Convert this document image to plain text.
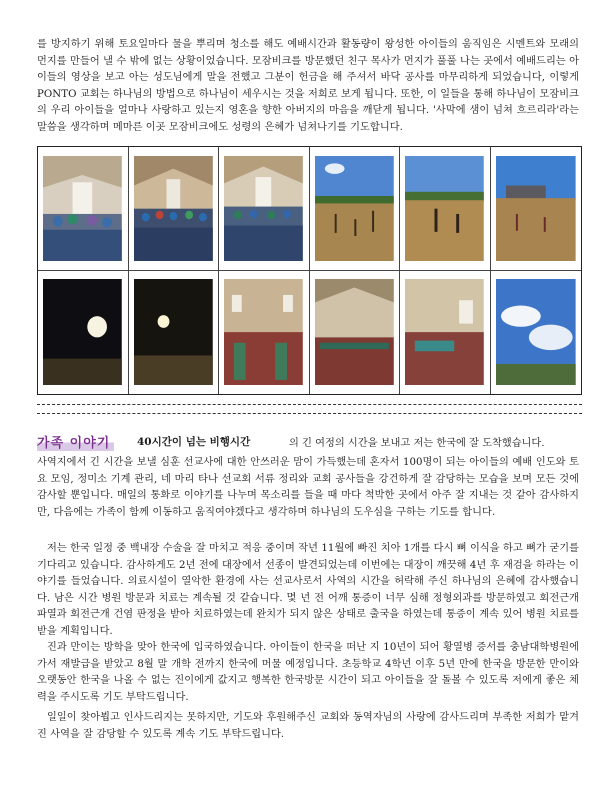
를 방지하기 위해 토요일마다 물을 뿌리며 청소를 해도 예배시간과 활동량이 왕성한 아이들의 움직임은 시멘트와 모래의 먼지를 만들어 낼 수 밖에 없는 상황이었습니다. 모잠비크를 방문했던 친구 목사가 먼지가 풀풀 나는 곳에서 예배드리는 아이들의 영상을 보고 아는 성도님에게 말을 전했고 그분이 헌금을 해 주셔서 바닥 공사를 마무리하게 되었습니다, 이렇게 PONTO 교회는 하나님의 방법으로 하나님이 세우시는 것을 저희로 보게 됩니다. 또한, 이 일들을 통해 하나님이 모잠비크의 우리 아이들을 얼마나 사랑하고 있는지 영혼을 향한 아버지의 마음을 깨닫게 됩니다. '사막에 샘이 넘쳐 흐르리라'라는 말씀을 생각하며 메마른 이곳 모잠비크에도 성령의 은혜가 넘쳐나기를 기도합니다.

가족 이야기	40시간이 넘는 비행시간	의 긴 여정의 시간을 보내고 저는 한국에 잘 도착했습니다.

사역지에서 긴 시간을 보낼 심훈 선교사에 대한 안쓰러운 맘이 가득했는데 혼자서 100명이 되는 아이들의 예배 인도와 토요 모임, 정미소 기계 관리, 네 마리 타나 선교회 서류 정리와 교회 공사들을 강건하게 잘 감당하는 모습을 보며 모든 것에 감사할 뿐입니다. 매일의 통화로 이야기를 나누며 목소리를 들을 때 마다 척박한 곳에서 아주 잘 지내는 것 같아 감사하지만, 다음에는 가족이 함께 이동하고 움직여야겠다고 생각하며 하나님의 도우심을 구하는 기도를 합니다.

저는 한국 일정 중 백내장 수술을 잘 마치고 적응 중이며 작년 11월에 빠진 치아 1개를 다시 뼈 이식을 하고 뼈가 굳기를 기다리고 있습니다. 감사하게도 2년 전에 대장에서 선종이 발견되었는데 이번에는 대장이 깨끗해 4년 후 재검을 하라는 이야기를 들었습니다. 의료시설이 열악한 환경에 사는 선교사로서 사역의 시간을 허락해 주신 하나님의 은혜에 감사했습니다. 남은 시간 병원 방문과 치료는 계속될 것 같습니다. 몇 년 전 어깨 통증이 너무 심해 정형외과를 방문하였고 회전근개 파열과 회전근개 건염 판정을 받아 치료하였는데 완치가 되지 않은 상태로 출국을 하였는데 통증이 계속 있어 병원 치료를 받을 계획입니다.

진과 만이는 방학을 맞아 한국에 입국하였습니다. 아이들이 한국을 떠난 지 10년이 되어 황열병 증서를 충남대학병원에 가서 재발급을 받았고 8월 말 개학 전까지 한국에 머물 예정입니다. 초등학교 4학년 이후 5년 만에 한국을 방문한 만이와 오랫동안 한국을 나올 수 없는 진이에게 값지고 행복한 한국방문 시간이 되고 아이들을 잘 돌볼 수 있도록 저에게 좋은 체력을 주시도록 기도 부탁드립니다.

일일이 찾아뵙고 인사드리지는 못하지만, 기도와 후원해주신 교회와 동역자님의 사랑에 감사드리며 부족한 저희가 맡겨진 사역을 잘 감당할 수 있도록 계속 기도 부탁드립니다.
